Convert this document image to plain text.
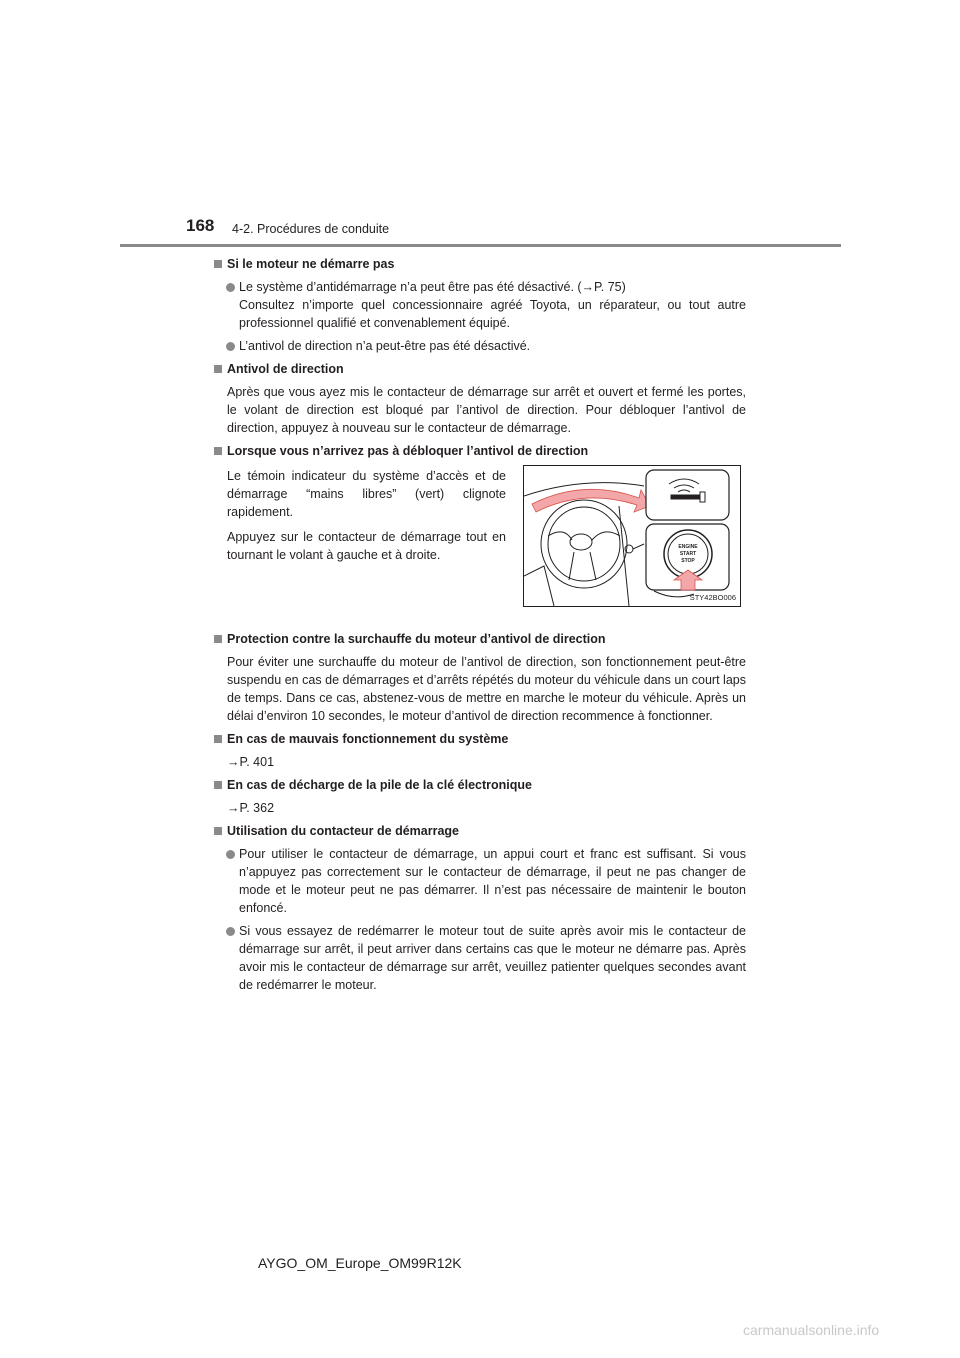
168 4-2. Procédures de conduite
Si le moteur ne démarre pas
Le système d’antidémarrage n’a peut être pas été désactivé. (→P. 75)
Consultez n’importe quel concessionnaire agréé Toyota, un réparateur, ou tout autre professionnel qualifié et convenablement équipé.
L’antivol de direction n’a peut-être pas été désactivé.
Antivol de direction
Après que vous ayez mis le contacteur de démarrage sur arrêt et ouvert et fermé les portes, le volant de direction est bloqué par l’antivol de direction. Pour débloquer l’antivol de direction, appuyez à nouveau sur le contacteur de démarrage.
Lorsque vous n’arrivez pas à débloquer l’antivol de direction
Le témoin indicateur du système d’accès et de démarrage “mains libres” (vert) clignote rapidement.
Appuyez sur le contacteur de démarrage tout en tournant le volant à gauche et à droite.
ENGINE
START
STOP
STY42BO006
Protection contre la surchauffe du moteur d’antivol de direction
Pour éviter une surchauffe du moteur de l’antivol de direction, son fonctionnement peut-être suspendu en cas de démarrages et d’arrêts répétés du moteur du véhicule dans un court laps de temps. Dans ce cas, abstenez-vous de mettre en marche le moteur du véhicule. Après un délai d’environ 10 secondes, le moteur d’antivol de direction recommence à fonctionner.
En cas de mauvais fonctionnement du système
→P. 401
En cas de décharge de la pile de la clé électronique
→P. 362
Utilisation du contacteur de démarrage
Pour utiliser le contacteur de démarrage, un appui court et franc est suffisant. Si vous n’appuyez pas correctement sur le contacteur de démarrage, il peut ne pas changer de mode et le moteur peut ne pas démarrer. Il n’est pas nécessaire de maintenir le bouton enfoncé.
Si vous essayez de redémarrer le moteur tout de suite après avoir mis le contacteur de démarrage sur arrêt, il peut arriver dans certains cas que le moteur ne démarre pas. Après avoir mis le contacteur de démarrage sur arrêt, veuillez patienter quelques secondes avant de redémarrer le moteur.
AYGO_OM_Europe_OM99R12K
carmanualsonline.info
